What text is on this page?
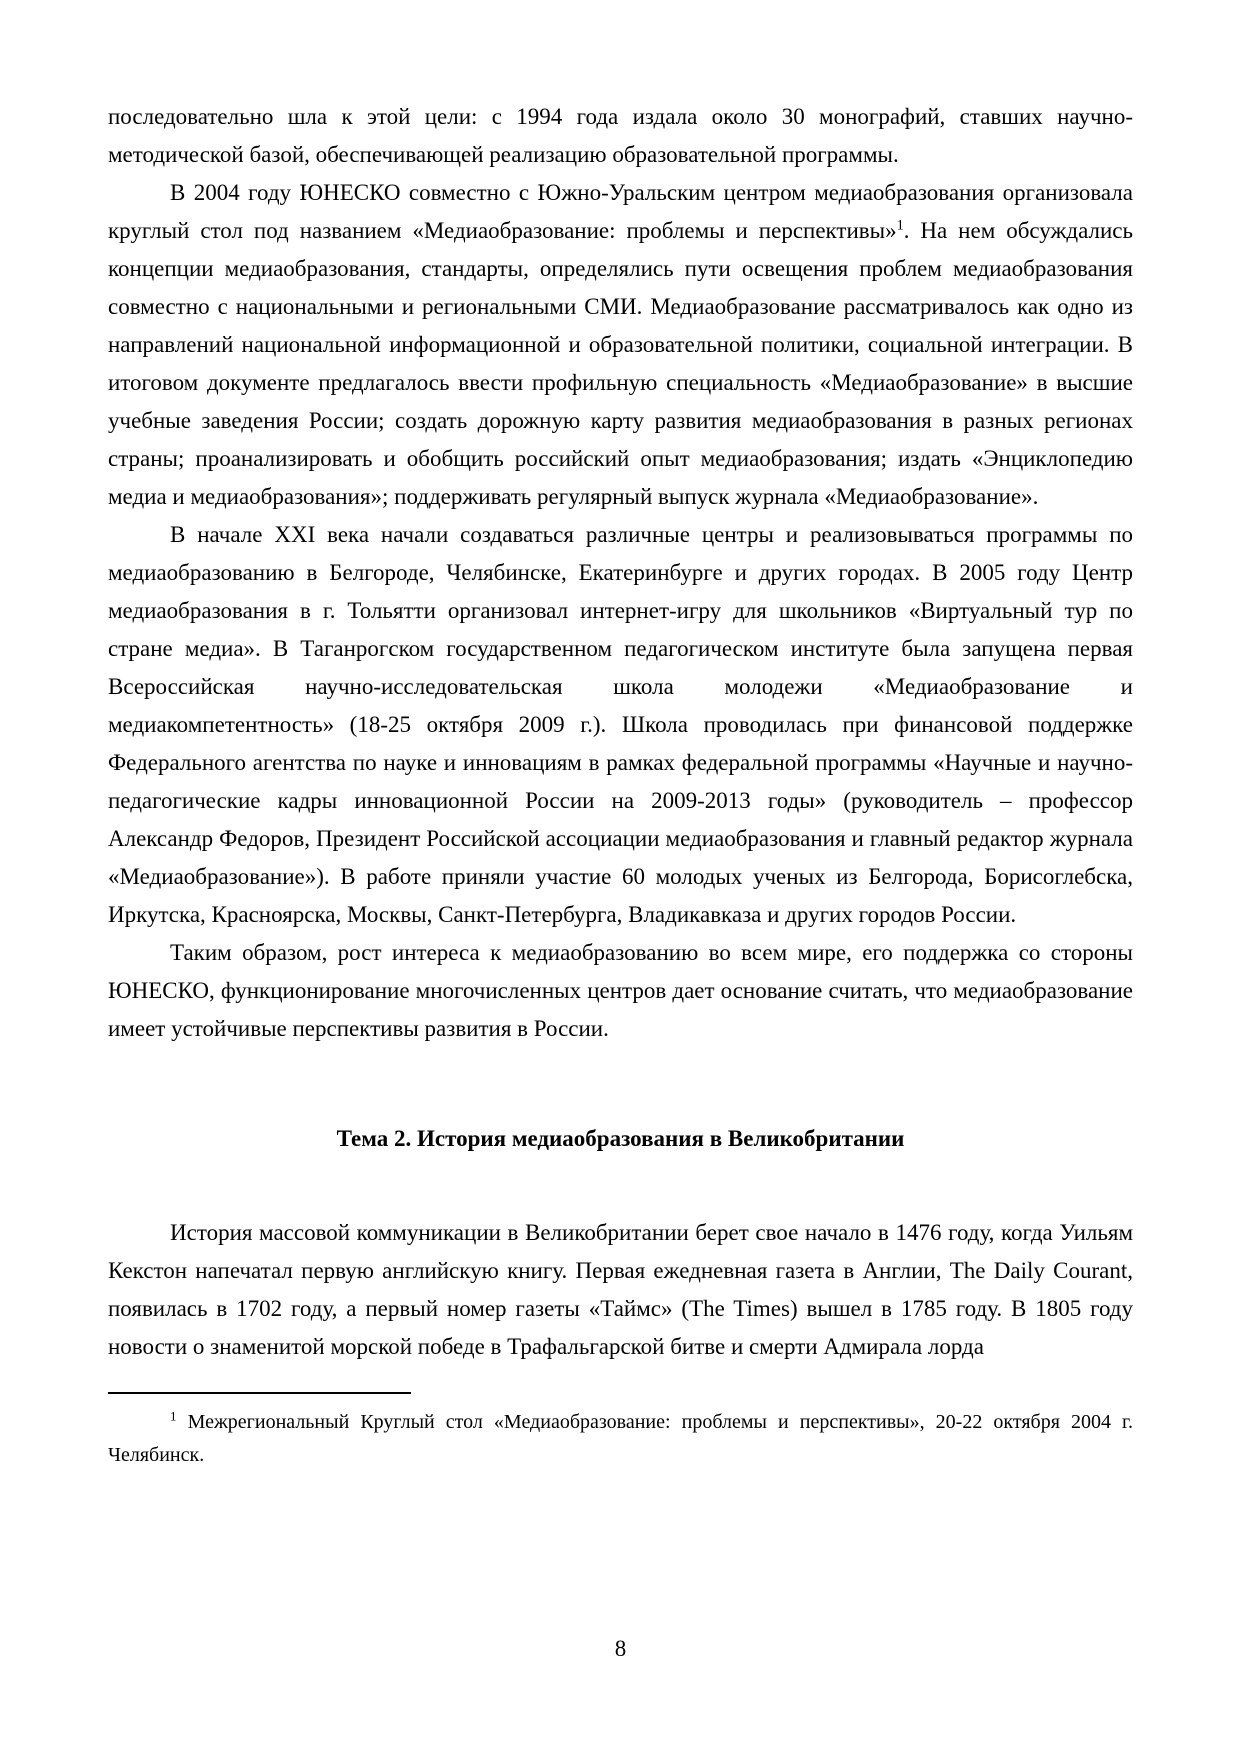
последовательно шла к этой цели: с 1994 года издала около 30 монографий, ставших научно-методической базой, обеспечивающей реализацию образовательной программы.

В 2004 году ЮНЕСКО совместно с Южно-Уральским центром медиаобразования организовала круглый стол под названием «Медиаобразование: проблемы и перспективы»$^1$. На нем обсуждались концепции медиаобразования, стандарты, определялись пути освещения проблем медиаобразования совместно с национальными и региональными СМИ. Медиаобразование рассматривалось как одно из направлений национальной информационной и образовательной политики, социальной интеграции. В итоговом документе предлагалось ввести профильную специальность «Медиаобразование» в высшие учебные заведения России; создать дорожную карту развития медиаобразования в разных регионах страны; проанализировать и обобщить российский опыт медиаобразования; издать «Энциклопедию медиа и медиаобразования»; поддерживать регулярный выпуск журнала «Медиаобразование».

В начале XXI века начали создаваться различные центры и реализовываться программы по медиаобразованию в Белгороде, Челябинске, Екатеринбурге и других городах. В 2005 году Центр медиаобразования в г. Тольятти организовал интернет-игру для школьников «Виртуальный тур по стране медиа». В Таганрогском государственном педагогическом институте была запущена первая Всероссийская научно-исследовательская школа молодежи «Медиаобразование и медиакомпетентность» (18-25 октября 2009 г.). Школа проводилась при финансовой поддержке Федерального агентства по науке и инновациям в рамках федеральной программы «Научные и научно-педагогические кадры инновационной России на 2009-2013 годы» (руководитель – профессор Александр Федоров, Президент Российской ассоциации медиаобразования и главный редактор журнала «Медиаобразование»). В работе приняли участие 60 молодых ученых из Белгорода, Борисоглебска, Иркутска, Красноярска, Москвы, Санкт-Петербурга, Владикавказа и других городов России.

Таким образом, рост интереса к медиаобразованию во всем мире, его поддержка со стороны ЮНЕСКО, функционирование многочисленных центров дает основание считать, что медиаобразование имеет устойчивые перспективы развития в России.

Тема 2. История медиаобразования в Великобритании

История массовой коммуникации в Великобритании берет свое начало в 1476 году, когда Уильям Кекстон напечатал первую английскую книгу. Первая ежедневная газета в Англии, The Daily Courant, появилась в 1702 году, а первый номер газеты «Таймс» (The Times) вышел в 1785 году. В 1805 году новости о знаменитой морской победе в Трафальгарской битве и смерти Адмирала лорда

$^1$ Межрегиональный Круглый стол «Медиаобразование: проблемы и перспективы», 20-22 октября 2004 г. Челябинск.

8
